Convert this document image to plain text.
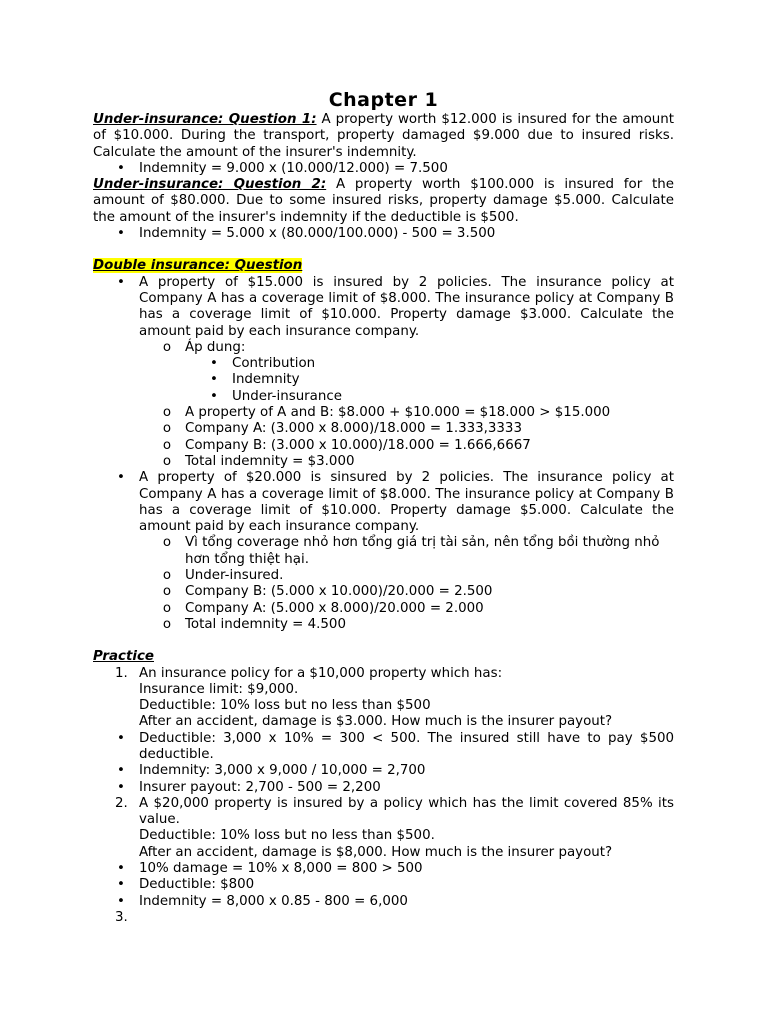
Chapter 1

Under-insurance: Question 1: A property worth $12.000 is insured for the amount of $10.000. During the transport, property damaged $9.000 due to insured risks. Calculate the amount of the insurer's indemnity.

•	Indemnity = 9.000 x (10.000/12.000) = 7.500

Under-insurance: Question 2: A property worth $100.000 is insured for the amount of $80.000. Due to some insured risks, property damage $5.000. Calculate the amount of the insurer's indemnity if the deductible is $500.

•	Indemnity = 5.000 x (80.000/100.000) - 500 = 3.500

Double insurance: Question

•	A property of $15.000 is insured by 2 policies. The insurance policy at Company A has a coverage limit of $8.000. The insurance policy at Company B has a coverage limit of $10.000. Property damage $3.000. Calculate the amount paid by each insurance company.
o Áp dung:
•	Contribution
•	Indemnity
•	Under-insurance
o A property of A and B: $8.000 + $10.000 = $18.000 > $15.000
o Company A: (3.000 x 8.000)/18.000 = 1.333,3333
o Company B: (3.000 x 10.000)/18.000 = 1.666,6667
o Total indemnity = $3.000
•	A property of $20.000 is sinsured by 2 policies. The insurance policy at Company A has a coverage limit of $8.000. The insurance policy at Company B has a coverage limit of $10.000. Property damage $5.000. Calculate the amount paid by each insurance company.
o Vì tổng coverage nhỏ hơn tổng giá trị tài sản, nên tổng bồi thường nhỏ hơn tổng thiệt hại.
o Under-insured.
o Company B: (5.000 x 10.000)/20.000 = 2.500
o Company A: (5.000 x 8.000)/20.000 = 2.000
o Total indemnity = 4.500

Practice

1. An insurance policy for a $10,000 property which has:
Insurance limit: $9,000.
Deductible: 10% loss but no less than $500
After an accident, damage is $3.000. How much is the insurer payout?
•	Deductible: 3,000 x 10% = 300 < 500. The insured still have to pay $500 deductible.
•	Indemnity: 3,000 x 9,000 / 10,000 = 2,700
•	Insurer payout: 2,700 - 500 = 2,200
2. A $20,000 property is insured by a policy which has the limit covered 85% its value.
Deductible: 10% loss but no less than $500.
After an accident, damage is $8,000. How much is the insurer payout?
•	10% damage = 10% x 8,000 = 800 > 500
•	Deductible: $800
•	Indemnity = 8,000 x 0.85 - 800 = 6,000
3.
